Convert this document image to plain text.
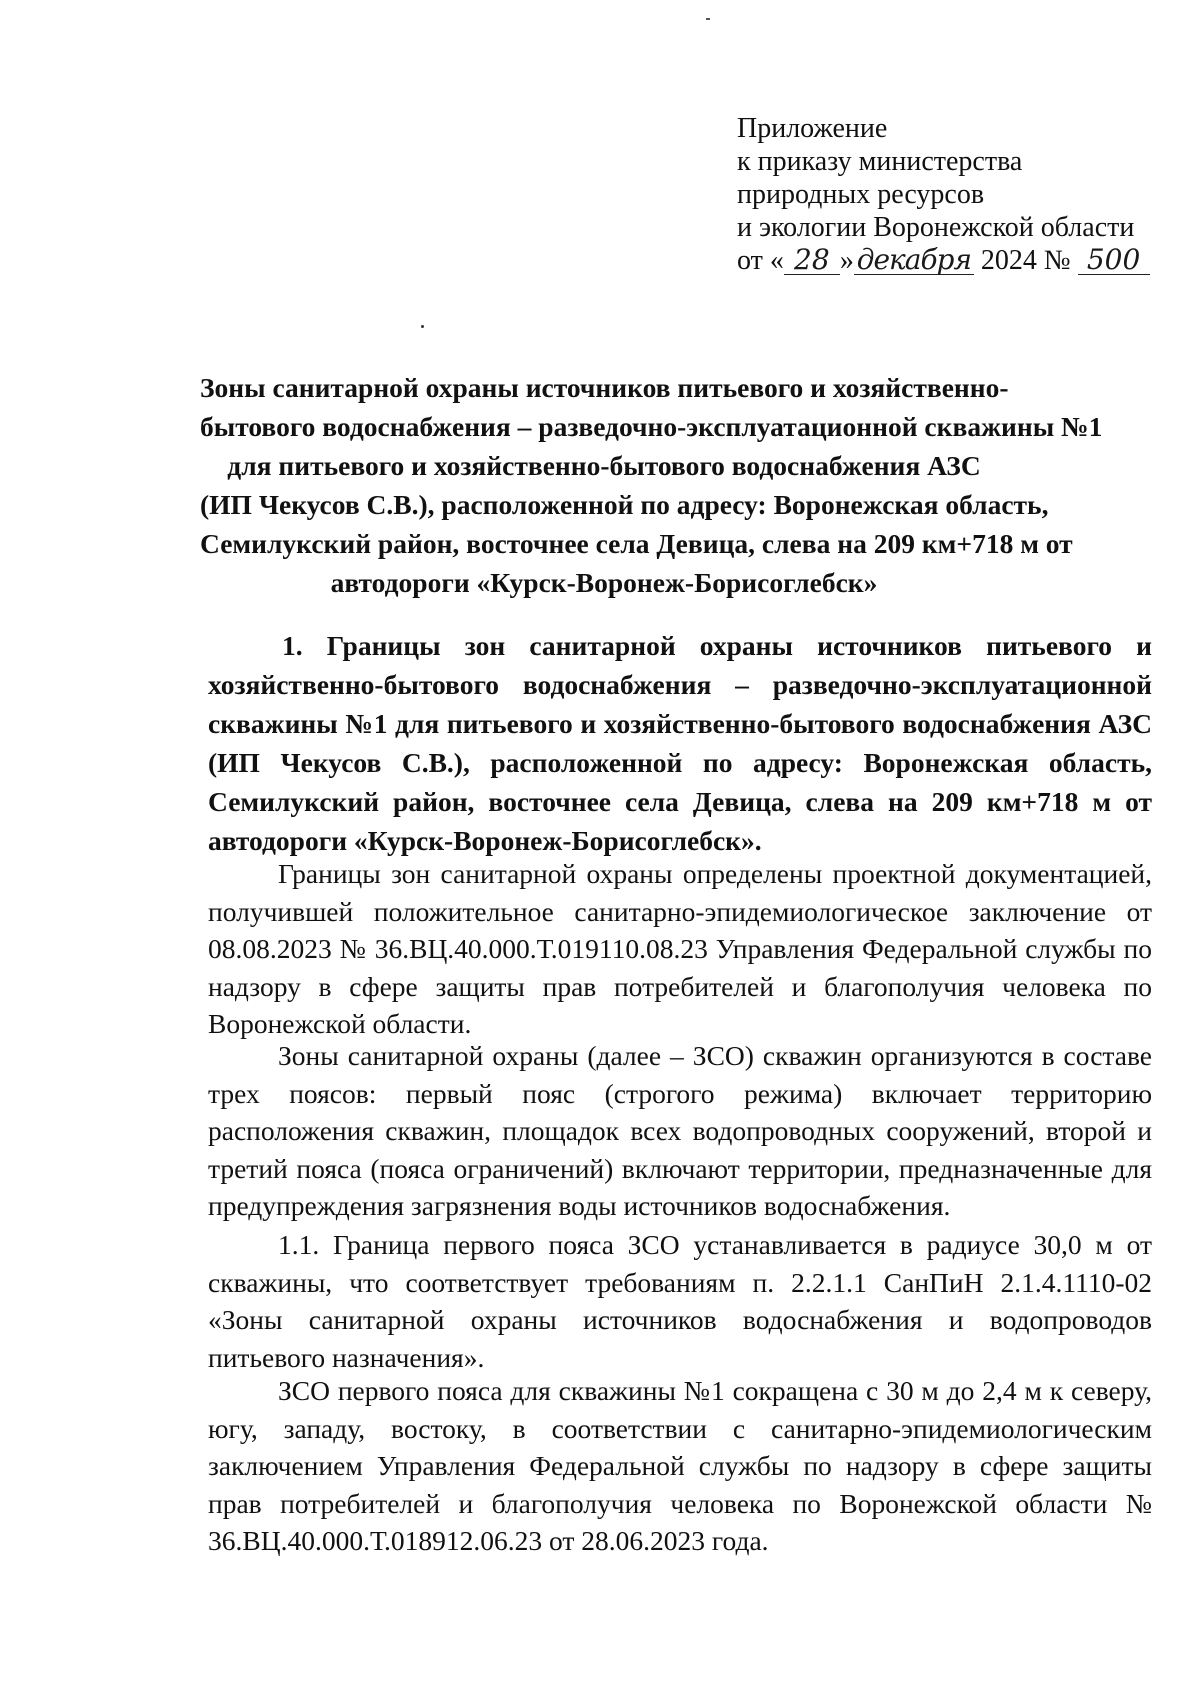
Приложение
к приказу министерства
природных ресурсов
и экологии Воронежской области
от « 28 » декабря 2024 № 500
Зоны санитарной охраны источников питьевого и хозяйственно-
бытового водоснабжения – разведочно-эксплуатационной скважины №1
для питьевого и хозяйственно-бытового водоснабжения АЗС
(ИП Чекусов С.В.), расположенной по адресу: Воронежская область,
Семилукский район, восточнее села Девица, слева на 209 км+718 м от
автодороги «Курск-Воронеж-Борисоглебск»

1. Границы зон санитарной охраны источников питьевого и хозяйственно-бытового водоснабжения – разведочно-эксплуатационной скважины №1 для питьевого и хозяйственно-бытового водоснабжения АЗС (ИП Чекусов С.В.), расположенной по адресу: Воронежская область, Семилукский район, восточнее села Девица, слева на 209 км+718 м от автодороги «Курск-Воронеж-Борисоглебск».

Границы зон санитарной охраны определены проектной документацией, получившей положительное санитарно-эпидемиологическое заключение от 08.08.2023 № 36.ВЦ.40.000.Т.019110.08.23 Управления Федеральной службы по надзору в сфере защиты прав потребителей и благополучия человека по Воронежской области.

Зоны санитарной охраны (далее – ЗСО) скважин организуются в составе трех поясов: первый пояс (строгого режима) включает территорию расположения скважин, площадок всех водопроводных сооружений, второй и третий пояса (пояса ограничений) включают территории, предназначенные для предупреждения загрязнения воды источников водоснабжения.

1.1. Граница первого пояса ЗСО устанавливается в радиусе 30,0 м от скважины, что соответствует требованиям п. 2.2.1.1 СанПиН 2.1.4.1110-02 «Зоны санитарной охраны источников водоснабжения и водопроводов питьевого назначения».

ЗСО первого пояса для скважины №1 сокращена с 30 м до 2,4 м к северу, югу, западу, востоку, в соответствии с санитарно-эпидемиологическим заключением Управления Федеральной службы по надзору в сфере защиты прав потребителей и благополучия человека по Воронежской области № 36.ВЦ.40.000.Т.018912.06.23 от 28.06.2023 года.
